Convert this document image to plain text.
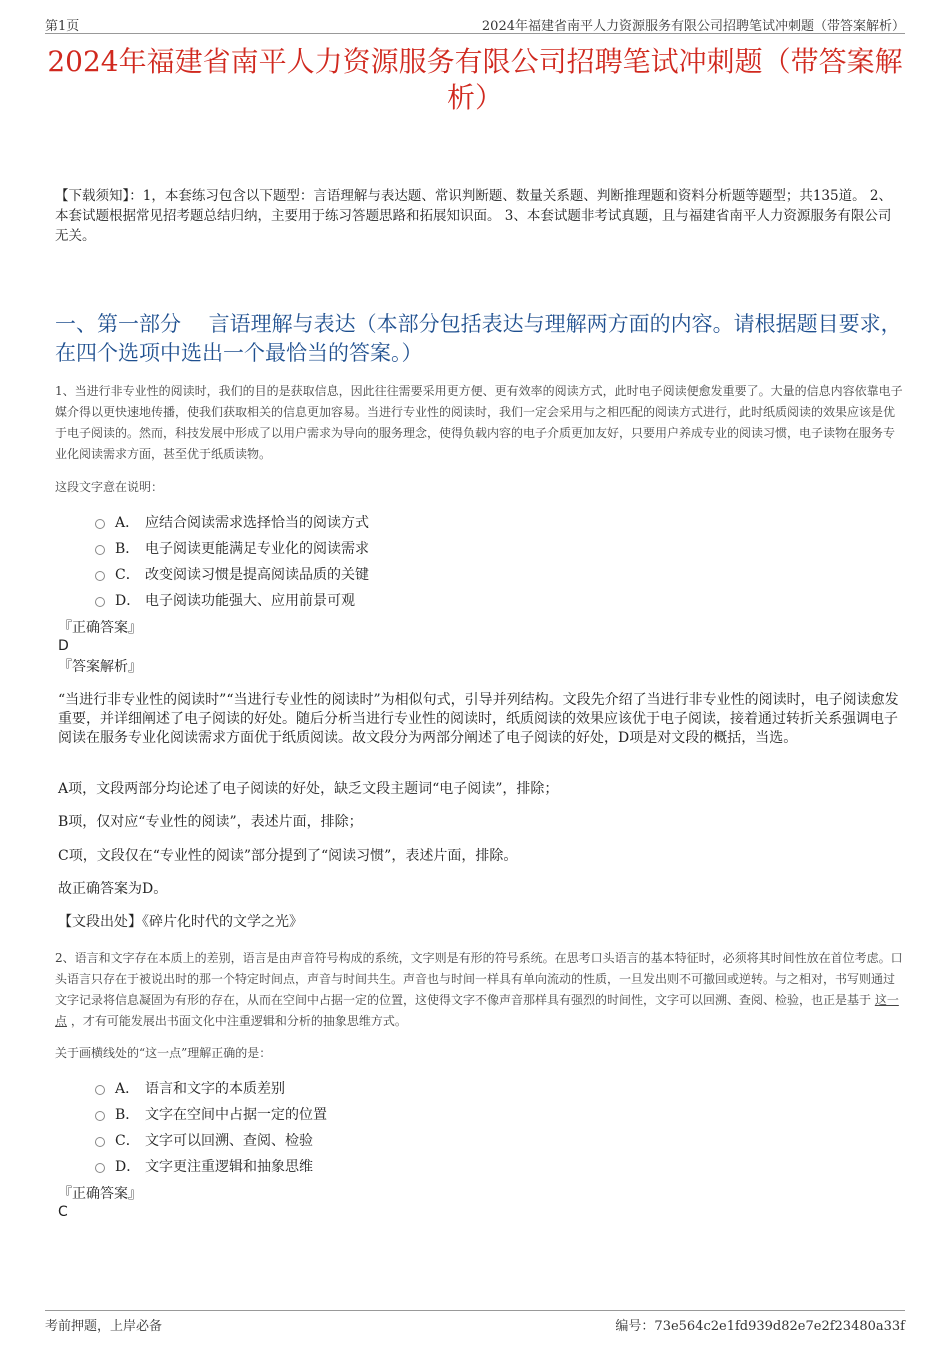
第1页	2024年福建省南平人力资源服务有限公司招聘笔试冲刺题（带答案解析）
2024年福建省南平人力资源服务有限公司招聘笔试冲刺题（带答案解析）
【下载须知】：1，本套练习包含以下题型：言语理解与表达题、常识判断题、数量关系题、判断推理题和资料分析题等题型；共135道。 2、本套试题根据常见招考题总结归纳，主要用于练习答题思路和拓展知识面。 3、本套试题非考试真题，且与福建省南平人力资源服务有限公司无关。
一、第一部分　 言语理解与表达（本部分包括表达与理解两方面的内容。请根据题目要求，在四个选项中选出一个最恰当的答案。）
1、当进行非专业性的阅读时，我们的目的是获取信息，因此往往需要采用更方便、更有效率的阅读方式，此时电子阅读便愈发重要了。大量的信息内容依靠电子媒介得以更快速地传播，使我们获取相关的信息更加容易。当进行专业性的阅读时，我们一定会采用与之相匹配的阅读方式进行，此时纸质阅读的效果应该是优于电子阅读的。然而，科技发展中形成了以用户需求为导向的服务理念，使得负载内容的电子介质更加友好，只要用户养成专业的阅读习惯，电子读物在服务专业化阅读需求方面，甚至优于纸质读物。
这段文字意在说明：
A． 应结合阅读需求选择恰当的阅读方式
B． 电子阅读更能满足专业化的阅读需求
C． 改变阅读习惯是提高阅读品质的关键
D． 电子阅读功能强大、应用前景可观
『正确答案』
D
『答案解析』
“当进行非专业性的阅读时”“当进行专业性的阅读时”为相似句式，引导并列结构。文段先介绍了当进行非专业性的阅读时，电子阅读愈发重要，并详细阐述了电子阅读的好处。随后分析当进行专业性的阅读时，纸质阅读的效果应该优于电子阅读，接着通过转折关系强调电子阅读在服务专业化阅读需求方面优于纸质阅读。故文段分为两部分阐述了电子阅读的好处，D项是对文段的概括，当选。
A项，文段两部分均论述了电子阅读的好处，缺乏文段主题词“电子阅读”，排除；
B项，仅对应“专业性的阅读”，表述片面，排除；
C项，文段仅在“专业性的阅读”部分提到了“阅读习惯”，表述片面，排除。
故正确答案为D。
【文段出处】《碎片化时代的文学之光》
2、语言和文字存在本质上的差别，语言是由声音符号构成的系统，文字则是有形的符号系统。在思考口头语言的基本特征时，必须将其时间性放在首位考虑。口头语言只存在于被说出时的那一个特定时间点，声音与时间共生。声音也与时间一样具有单向流动的性质，一旦发出则不可撤回或逆转。与之相对，书写则通过文字记录将信息凝固为有形的存在，从而在空间中占据一定的位置，这使得文字不像声音那样具有强烈的时间性，文字可以回溯、查阅、检验，也正是基于 这一点 ，才有可能发展出书面文化中注重逻辑和分析的抽象思维方式。
关于画横线处的“这一点”理解正确的是：
A． 语言和文字的本质差别
B． 文字在空间中占据一定的位置
C． 文字可以回溯、查阅、检验
D． 文字更注重逻辑和抽象思维
『正确答案』
C
考前押题，上岸必备	编号：73e564c2e1fd939d82e7e2f23480a33f
